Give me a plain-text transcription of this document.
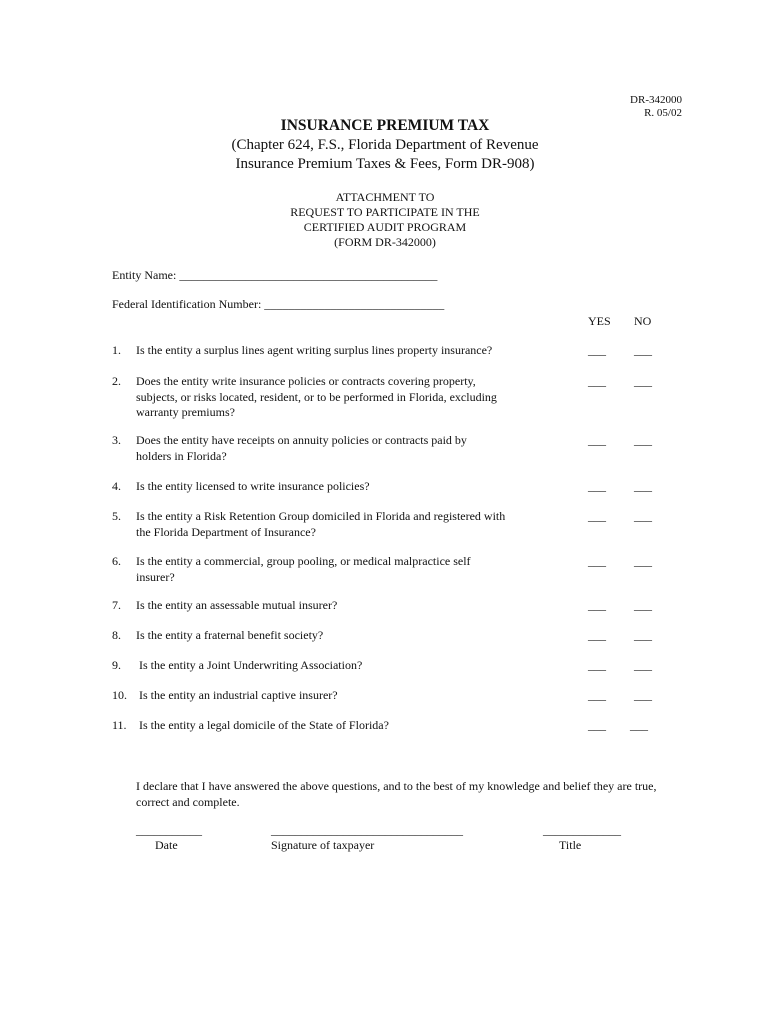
DR-342000
R. 05/02
INSURANCE PREMIUM TAX
(Chapter 624, F.S., Florida Department of Revenue
Insurance Premium Taxes & Fees, Form DR-908)
ATTACHMENT TO
REQUEST TO PARTICIPATE IN THE
CERTIFIED AUDIT PROGRAM
(FORM DR-342000)
Entity Name: ___________________________________________
Federal Identification Number: ______________________________
YES NO
1. Is the entity a surplus lines agent writing surplus lines property insurance?	___ ___
2. Does the entity write insurance policies or contracts covering property, subjects, or risks located, resident, or to be performed in Florida, excluding warranty premiums?
___ ___
3. Does the entity have receipts on annuity policies or contracts paid by holders in Florida?
___ ___
4. Is the entity licensed to write insurance policies?	___ ___
5. Is the entity a Risk Retention Group domiciled in Florida and registered with the Florida Department of Insurance?
___ ___
6. Is the entity a commercial, group pooling, or medical malpractice self insurer?
___ ___
7. Is the entity an assessable mutual insurer?	___ ___
8. Is the entity a fraternal benefit society?	___ ___
9. Is the entity a Joint Underwriting Association?	___ ___
10. Is the entity an industrial captive insurer?	___ ___
11. Is the entity a legal domicile of the State of Florida?	___ ___
I declare that I have answered the above questions, and to the best of my knowledge and belief they are true, correct and complete.
___________
Date
________________________________
Signature of taxpayer
_____________
Title
